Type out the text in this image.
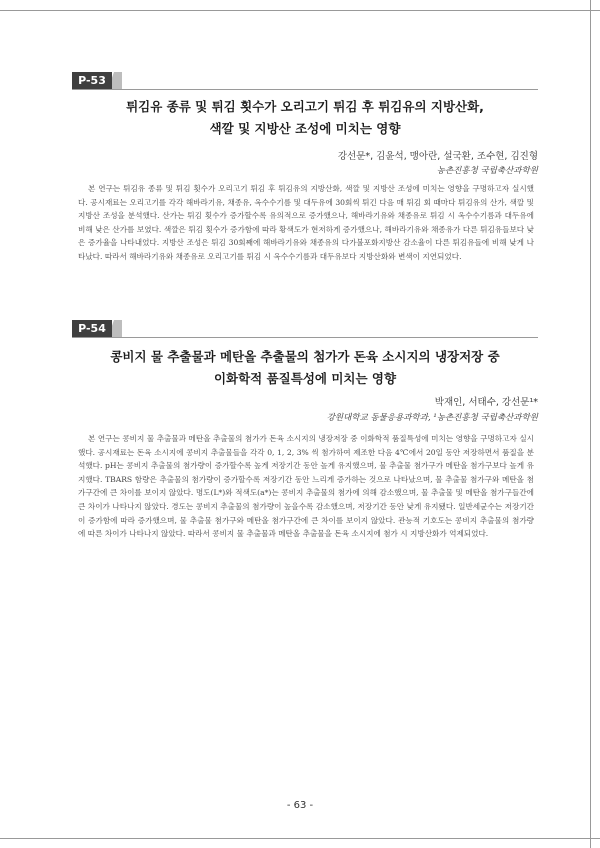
P-53
튀김유 종류 및 튀김 횟수가 오리고기 튀김 후 튀김유의 지방산화,
색깔 및 지방산 조성에 미치는 영향
강선문*, 김윤석, 맹아란, 설국환, 조수현, 김진형
농촌진흥청 국립축산과학원

본 연구는 튀김유 종류 및 튀김 횟수가 오리고기 튀김 후 튀김유의 지방산화, 색깔 및 지방산 조성에 미치는 영향을 구명하고자 실시했다. 공시재료는 오리고기를 각각 해바라기유, 채종유, 옥수수기름 및 대두유에 30회씩 튀긴 다음 매 튀김 회 때마다 튀김유의 산가, 색깔 및 지방산 조성을 분석했다. 산가는 튀김 횟수가 증가할수록 유의적으로 증가했으나, 해바라기유와 채종유로 튀김 시 옥수수기름과 대두유에 비해 낮은 산가를 보였다. 색깔은 튀김 횟수가 증가함에 따라 황색도가 현저하게 증가했으나, 해바라기유와 채종유가 다른 튀김유들보다 낮은 증가율을 나타내었다. 지방산 조성은 튀김 30회째에 해바라기유와 채종유의 다가불포화지방산 감소율이 다른 튀김유들에 비해 낮게 나타났다. 따라서 해바라기유와 채종유로 오리고기를 튀김 시 옥수수기름과 대두유보다 지방산화와 변색이 지연되었다.

P-54
콩비지 물 추출물과 메탄올 추출물의 첨가가 돈육 소시지의 냉장저장 중
이화학적 품질특성에 미치는 영향
박재인, 서태수, 강선문¹*
강원대학교 동물응용과학과, ¹농촌진흥청 국립축산과학원

본 연구는 콩비지 물 추출물과 메탄올 추출물의 첨가가 돈육 소시지의 냉장저장 중 이화학적 품질특성에 미치는 영향을 구명하고자 실시했다. 공시재료는 돈육 소시지에 콩비지 추출물들을 각각 0, 1, 2, 3% 씩 첨가하여 제조한 다음 4℃에서 20일 동안 저장하면서 품질을 분석했다. pH는 콩비지 추출물의 첨가량이 증가할수록 높게 저장기간 동안 높게 유지했으며, 물 추출물 첨가구가 메탄올 첨가구보다 높게 유지했다. TBARS 함량은 추출물의 첨가량이 증가할수록 저장기간 동안 느리게 증가하는 것으로 나타났으며, 물 추출물 첨가구와 메탄올 첨가구간에 큰 차이를 보이지 않았다. 명도(L*)와 적색도(a*)는 콩비지 추출물의 첨가에 의해 감소했으며, 물 추출물 및 메탄올 첨가구들간에 큰 차이가 나타나지 않았다. 경도는 콩비지 추출물의 첨가량이 높을수록 감소했으며, 저장기간 동안 낮게 유지됐다. 일반세균수는 저장기간이 증가함에 따라 증가했으며, 물 추출물 첨가구와 메탄올 첨가구간에 큰 차이를 보이지 않았다. 관능적 기호도는 콩비지 추출물의 첨가량에 따른 차이가 나타나지 않았다. 따라서 콩비지 물 추출물과 메탄올 추출물을 돈육 소시지에 첨가 시 지방산화가 억제되었다.

- 63 -
